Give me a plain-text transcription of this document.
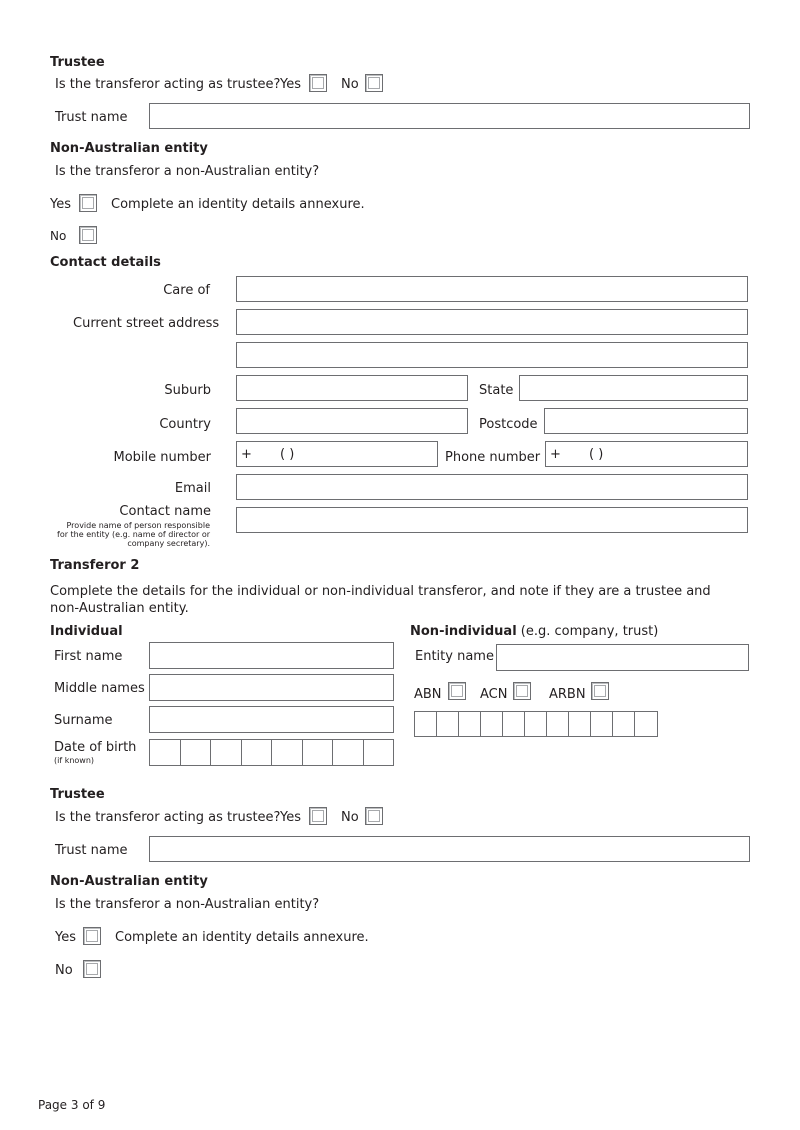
Trustee
Is the transferor acting as trustee? Yes	No
Trust name
Non-Australian entity
Is the transferor a non-Australian entity?
Yes	Complete an identity details annexure.
No
Contact details
Care of
Current street address
Suburb	State
Country	Postcode
Mobile number + ( )	Phone number + ( )
Email
Contact name
Provide name of person responsible
for the entity (e.g. name of director or
company secretary).
Transferor 2
Complete the details for the individual or non-individual transferor, and note if they are a trustee and
non-Australian entity.
Individual
First name
Middle names
Surname
Date of birth
(if known)
Non-individual (e.g. company, trust)
Entity name
ABN	ACN	ARBN
Trustee
Is the transferor acting as trustee? Yes	No
Trust name
Non-Australian entity
Is the transferor a non-Australian entity?
Yes	Complete an identity details annexure.
No
Page 3 of 9
